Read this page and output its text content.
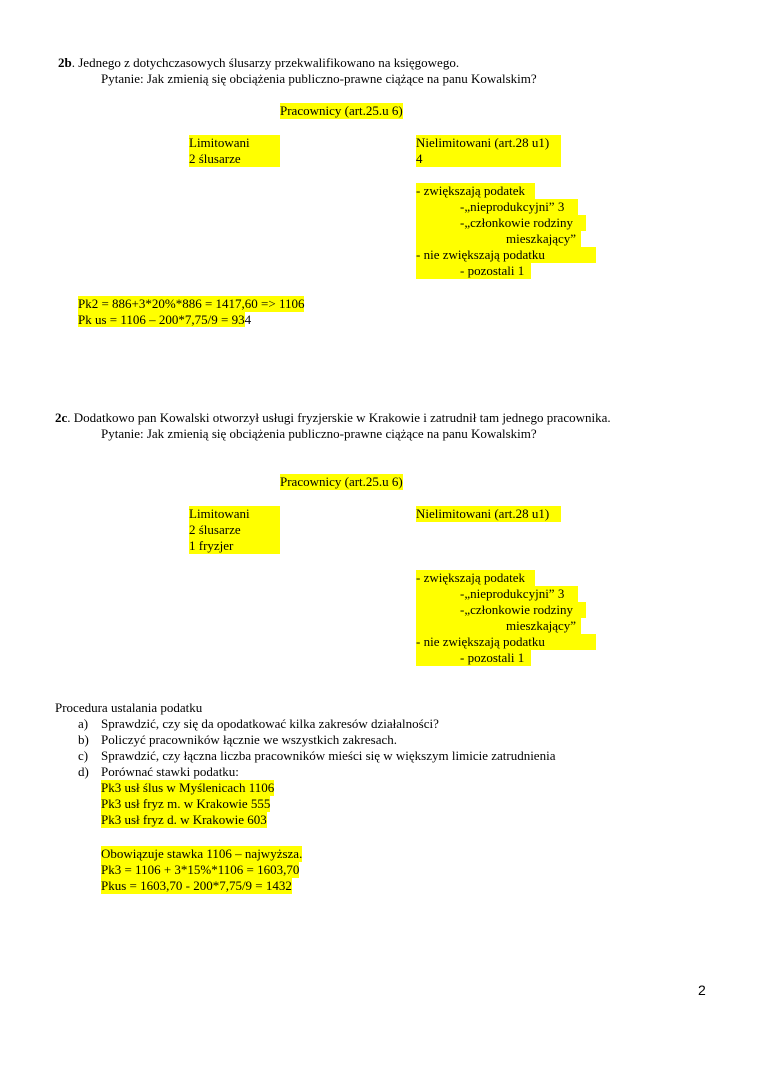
2b. Jednego z dotychczasowych ślusarzy przekwalifikowano na księgowego.
Pytanie: Jak zmienią się obciążenia publiczno-prawne ciążące na panu Kowalskim?
Pracownicy (art.25.u 6)
Limitowani
2 ślusarze
Nielimitowani (art.28 u1)
4
- zwiększają podatek
-„nieprodukcyjni” 3
-„członkowie rodziny
mieszkający”
- nie zwiększają podatku
- pozostali 1
Pk2 = 886+3*20%*886 = 1417,60 => 1106
Pk us = 1106 – 200*7,75/9 = 934
2c. Dodatkowo pan Kowalski otworzył usługi fryzjerskie w Krakowie i zatrudnił tam jednego pracownika.
Pytanie: Jak zmienią się obciążenia publiczno-prawne ciążące na panu Kowalskim?
Pracownicy (art.25.u 6)
Limitowani
2 ślusarze
1 fryzjer
Nielimitowani (art.28 u1)
- zwiększają podatek
-„nieprodukcyjni” 3
-„członkowie rodziny
mieszkający”
- nie zwiększają podatku
- pozostali 1
Procedura ustalania podatku
a) Sprawdzić, czy się da opodatkować kilka zakresów działalności?
b) Policzyć pracowników łącznie we wszystkich zakresach.
c) Sprawdzić, czy łączna liczba pracowników mieści się w większym limicie zatrudnienia
d) Porównać stawki podatku:
Pk3 usł ślus w Myślenicach 1106
Pk3 usł fryz m. w Krakowie 555
Pk3 usł fryz d. w Krakowie 603
Obowiązuje stawka 1106 – najwyższa.
Pk3 = 1106 + 3*15%*1106 = 1603,70
Pkus = 1603,70 - 200*7,75/9 = 1432
2
